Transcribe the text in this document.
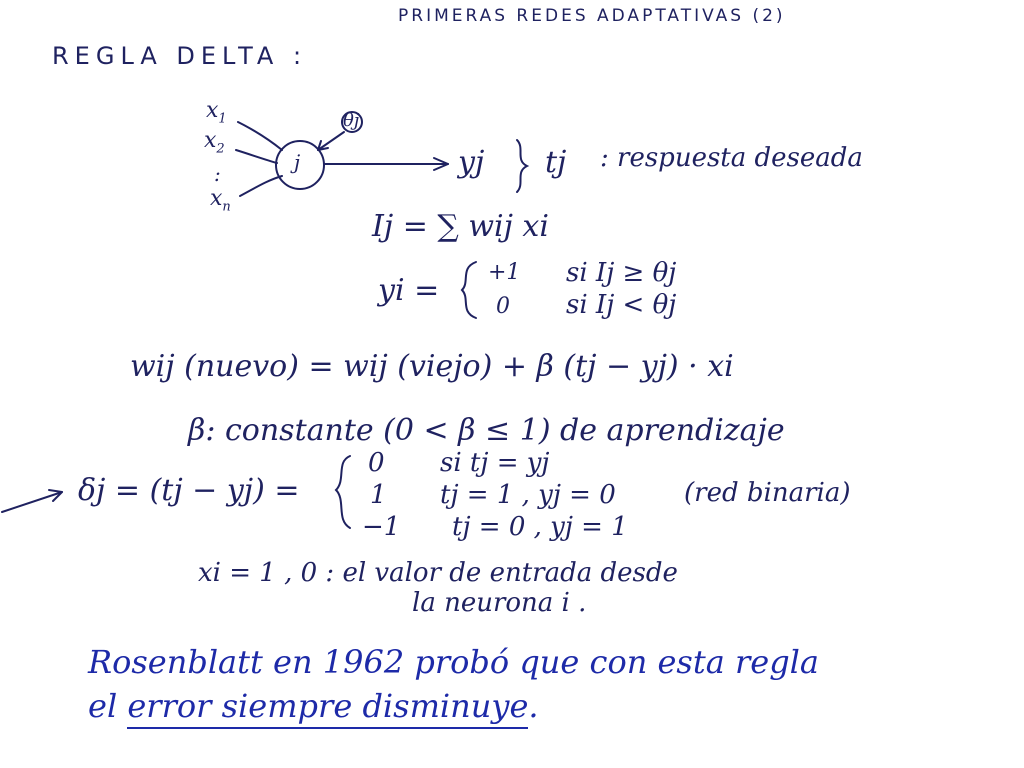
PRIMERAS REDES ADAPTATIVAS (2)
REGLA DELTA :
$x_1$
$x_2$
:
$x_n$
j
θj
yj tj : respuesta deseada
Ij = ∑ wij xi
yi =
+1 si Ij ≥ θj
0 si Ij < θj
wij (nuevo) = wij (viejo) + β (tj − yj) · xi
β: constante (0 < β ≤ 1) de aprendizaje
δj = (tj − yj) =
0 si tj = yj
1 tj = 1 , yj = 0
−1 tj = 0 , yj = 1
(red binaria)
xi = 1 , 0 : el valor de entrada desde
la neurona i .
Rosenblatt en 1962 probó que con esta regla
el error siempre disminuye.
